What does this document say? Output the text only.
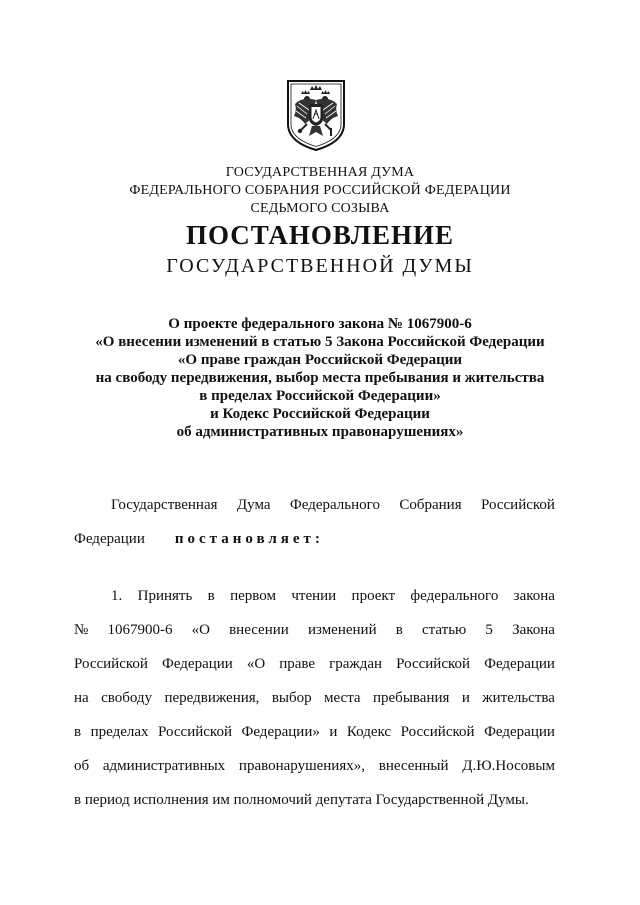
ГОСУДАРСТВЕННАЯ ДУМА
ФЕДЕРАЛЬНОГО СОБРАНИЯ РОССИЙСКОЙ ФЕДЕРАЦИИ
СЕДЬМОГО СОЗЫВА
ПОСТАНОВЛЕНИЕ
ГОСУДАРСТВЕННОЙ ДУМЫ
О проекте федерального закона № 1067900-6
«О внесении изменений в статью 5 Закона Российской Федерации
«О праве граждан Российской Федерации
на свободу передвижения, выбор места пребывания и жительства
в пределах Российской Федерации»
и Кодекс Российской Федерации
об административных правонарушениях»
Государственная Дума Федерального Собрания Российской
Федерации постановляет:
1. Принять в первом чтении проект федерального закона
№ 1067900-6 «О внесении изменений в статью 5 Закона
Российской Федерации «О праве граждан Российской Федерации
на свободу передвижения, выбор места пребывания и жительства
в пределах Российской Федерации» и Кодекс Российской Федерации
об административных правонарушениях», внесенный Д.Ю.Носовым
в период исполнения им полномочий депутата Государственной Думы.
